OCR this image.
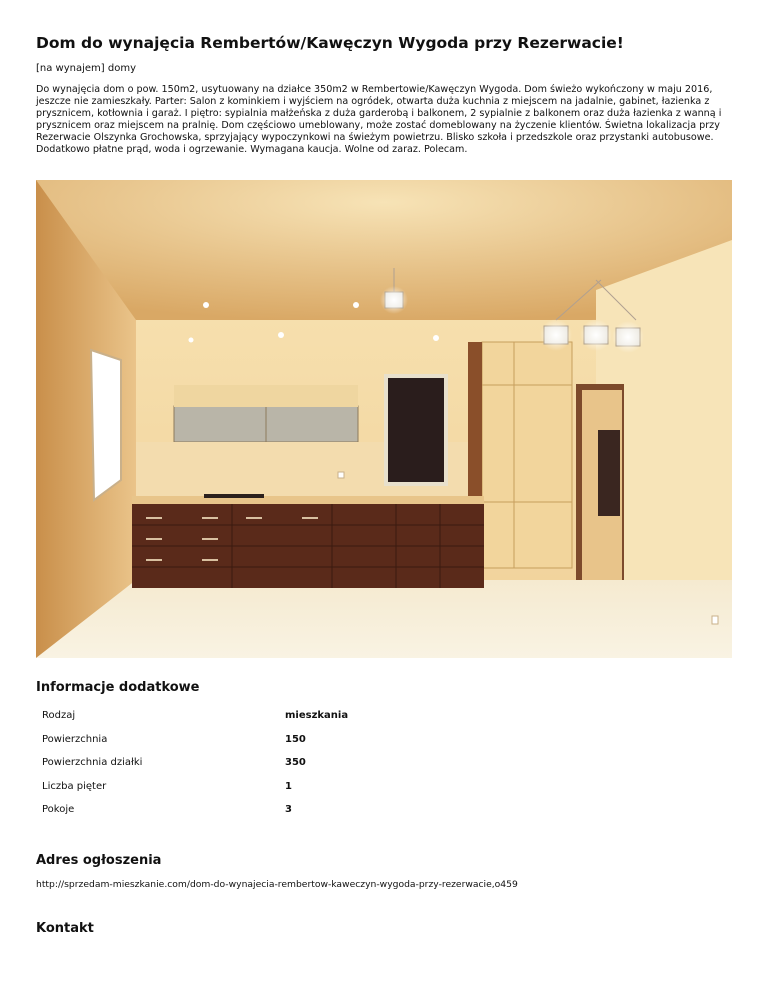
Dom do wynajęcia Rembertów/Kawęczyn Wygoda przy Rezerwacie!
[na wynajem] domy
Do wynajęcia dom o pow. 150m2, usytuowany na działce 350m2 w Rembertowie/Kawęczyn Wygoda. Dom świeżo wykończony w maju 2016, jeszcze nie zamieszkały. Parter: Salon z kominkiem i wyjściem na ogródek, otwarta duża kuchnia z miejscem na jadalnie, gabinet, łazienka z prysznicem, kotłownia i garaż. I piętro: sypialnia małżeńska z duża garderobą i balkonem, 2 sypialnie z balkonem oraz duża łazienka z wanną i prysznicem oraz miejscem na pralnię. Dom częściowo umeblowany, może zostać domeblowany na życzenie klientów. Świetna lokalizacja przy Rezerwacie Olszynka Grochowska, sprzyjający wypoczynkowi na świeżym powietrzu. Blisko szkoła i przedszkole oraz przystanki autobusowe. Dodatkowo płatne prąd, woda i ogrzewanie. Wymagana kaucja. Wolne od zaraz. Polecam.
Informacje dodatkowe
Rodzaj	mieszkania
Powierzchnia	150
Powierzchnia działki	350
Liczba pięter	1
Pokoje	3
Adres ogłoszenia
http://sprzedam-mieszkanie.com/dom-do-wynajecia-rembertow-kaweczyn-wygoda-przy-rezerwacie,o459
Kontakt
